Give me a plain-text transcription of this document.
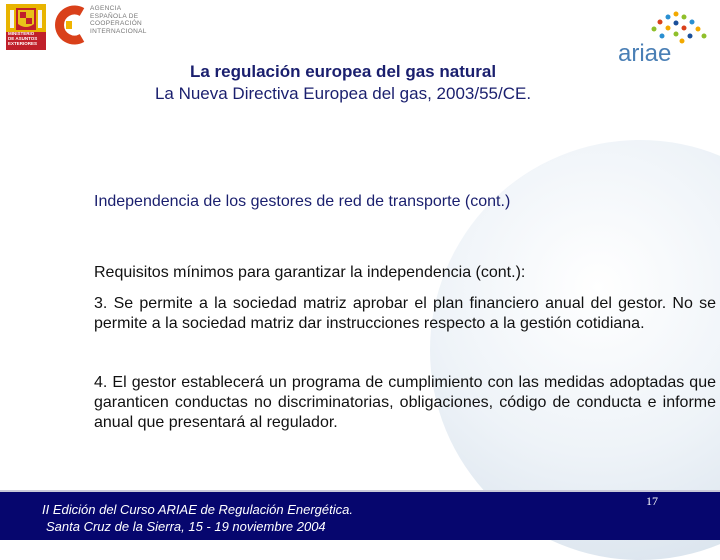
MINISTERIO
DE ASUNTOS
EXTERIORES
AGENCIA
ESPAÑOLA DE
COOPERACIÓN
INTERNACIONAL
ariae
La regulación europea del gas natural
La Nueva Directiva Europea del gas, 2003/55/CE.
Independencia de los gestores de red de transporte (cont.)
Requisitos mínimos para garantizar la independencia (cont.):
3. Se permite a la sociedad matriz aprobar el plan financiero anual del gestor. No se permite a la sociedad matriz dar instrucciones respecto a la gestión cotidiana.
4. El gestor establecerá un programa de cumplimiento con las medidas adoptadas que garanticen conductas no discriminatorias, obligaciones, código de conducta e informe anual que presentará al regulador.
II Edición del Curso ARIAE de Regulación Energética.
Santa Cruz de la Sierra, 15 - 19 noviembre 2004
17
